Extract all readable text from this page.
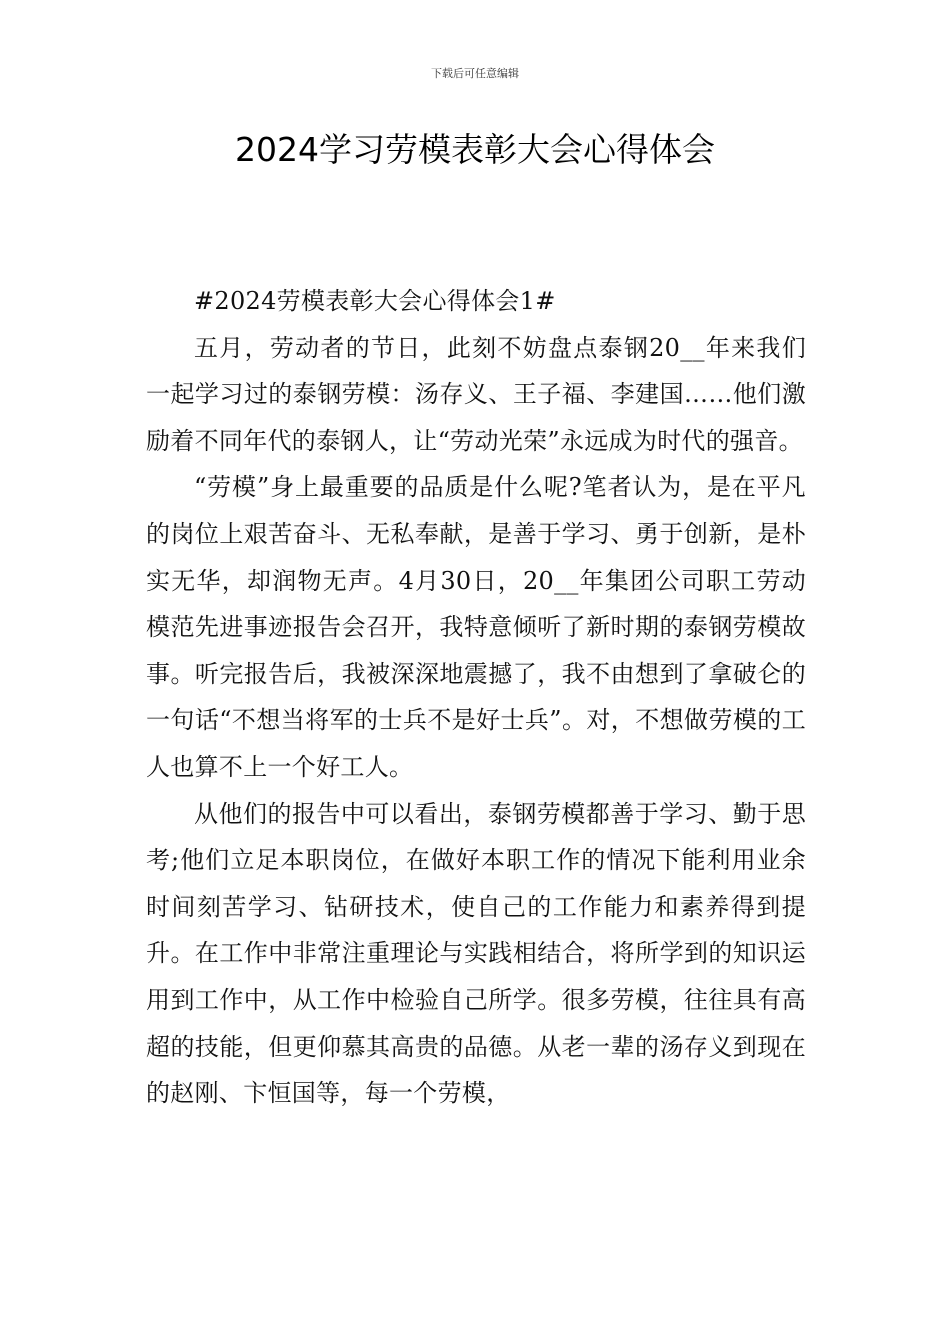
下载后可任意编辑
2024学习劳模表彰大会心得体会

#2024劳模表彰大会心得体会1#

五月，劳动者的节日，此刻不妨盘点泰钢20__年来我们一起学习过的泰钢劳模：汤存义、王子福、李建国……他们激励着不同年代的泰钢人，让“劳动光荣”永远成为时代的强音。

“劳模”身上最重要的品质是什么呢?笔者认为，是在平凡的岗位上艰苦奋斗、无私奉献，是善于学习、勇于创新，是朴实无华，却润物无声。4月30日，20__年集团公司职工劳动模范先进事迹报告会召开，我特意倾听了新时期的泰钢劳模故事。听完报告后，我被深深地震撼了，我不由想到了拿破仑的一句话“不想当将军的士兵不是好士兵”。对，不想做劳模的工人也算不上一个好工人。

从他们的报告中可以看出，泰钢劳模都善于学习、勤于思考;他们立足本职岗位，在做好本职工作的情况下能利用业余时间刻苦学习、钻研技术，使自己的工作能力和素养得到提升。在工作中非常注重理论与实践相结合，将所学到的知识运用到工作中，从工作中检验自己所学。很多劳模，往往具有高超的技能，但更仰慕其高贵的品德。从老一辈的汤存义到现在的赵刚、卞恒国等，每一个劳模，
